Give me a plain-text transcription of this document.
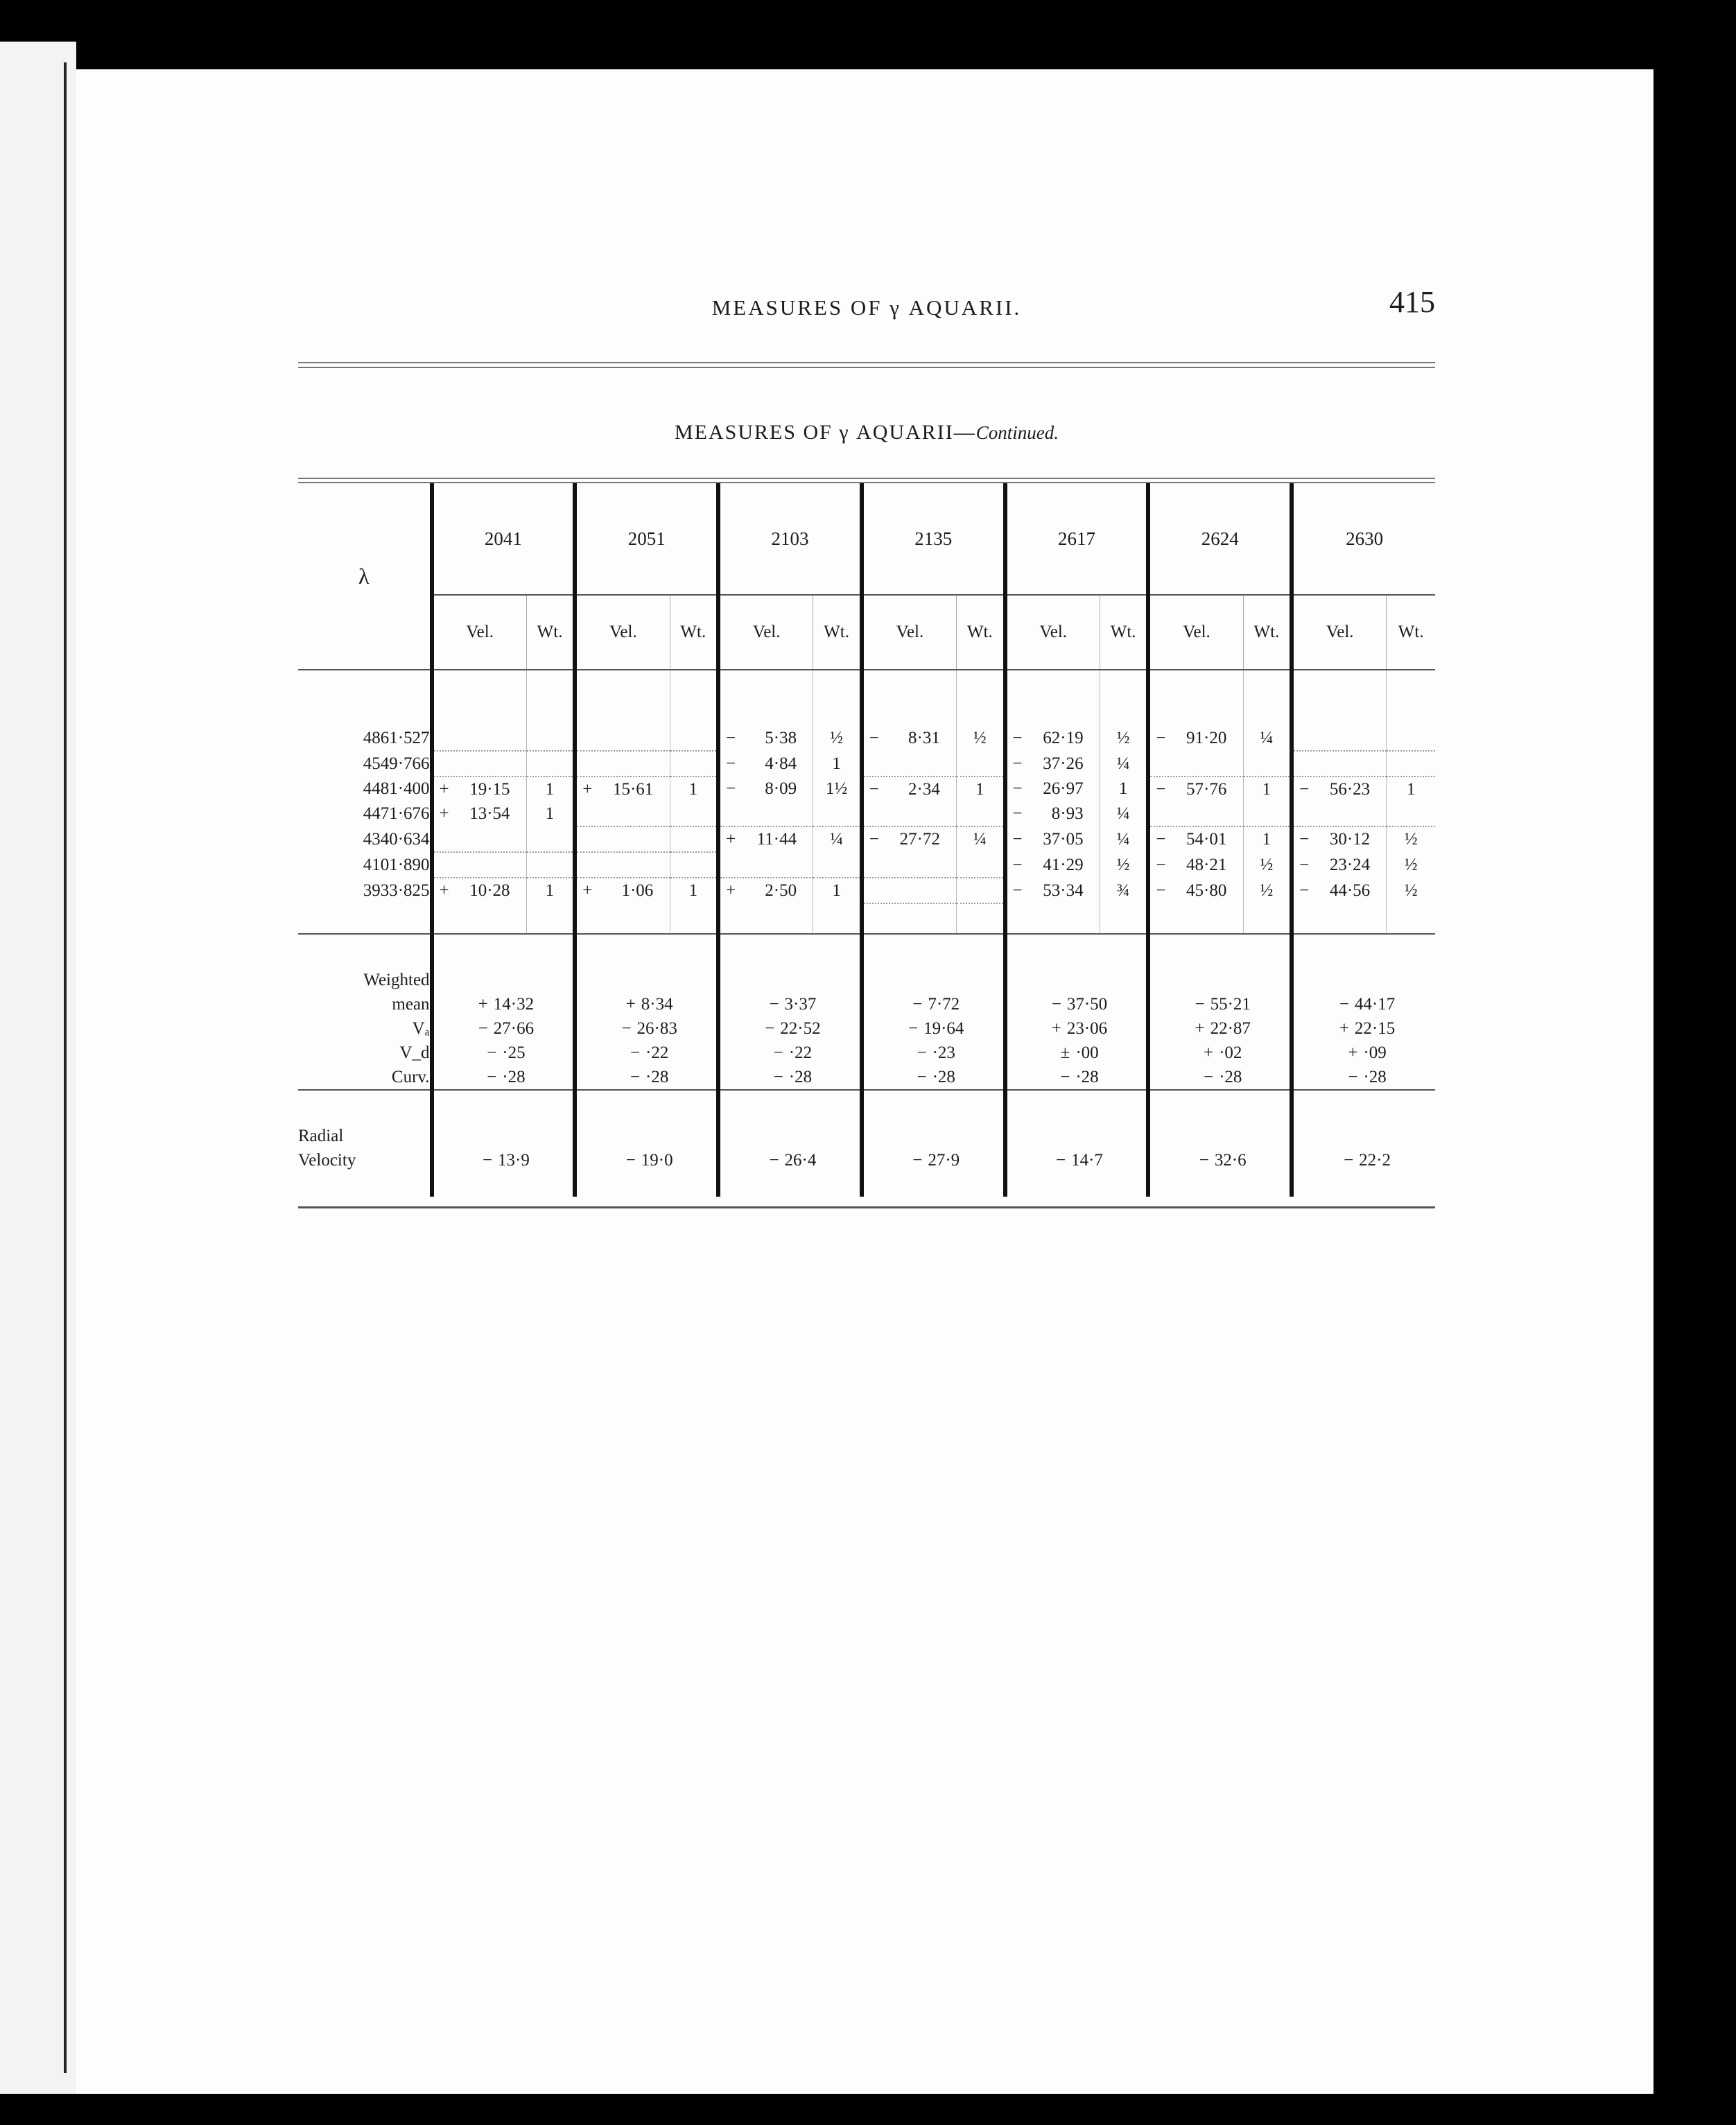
MEASURES OF γ AQUARII.	415
MEASURES OF γ AQUARII—Continued.
λ	2041		2051		2103		2135		2617		2624		2630	
	Vel.	Wt.	Vel.	Wt.	Vel.	Wt.	Vel.	Wt.	Vel.	Wt.	Vel.	Wt.	Vel.	Wt.

4861·527					− 5·38	½	− 8·31	½	− 62·19	½	− 91·20	¼		
4549·766					− 4·84	1			− 37·26	¼				
4481·400	+ 19·15	1	+ 15·61	1	− 8·09	1½	− 2·34	1	− 26·97	1	− 57·76	1	− 56·23	1
4471·676	+ 13·54	1							− 8·93	¼				
4340·634					+ 11·44	¼	− 27·72	¼	− 37·05	¼	− 54·01	1	− 30·12	½
4101·890									− 41·29	½	− 48·21	½	− 23·24	½
3933·825	+ 10·28	1	+ 1·06	1	+ 2·50	1			− 53·34	¾	− 45·80	½	− 44·56	½

Weighted														
mean	+ 14·32		+ 8·34		− 3·37		− 7·72		− 37·50		− 55·21		− 44·17	
Vₐ	− 27·66		− 26·83		− 22·52		− 19·64		+ 23·06		+ 22·87		+ 22·15	
V_d	− ·25		− ·22		− ·22		− ·23		± ·00		+ ·02		+ ·09	
Curv.	− ·28		− ·28		− ·28		− ·28		− ·28		− ·28		− ·28	

Radial														
Velocity	− 13·9		− 19·0		− 26·4		− 27·9		− 14·7		− 32·6		− 22·2	
